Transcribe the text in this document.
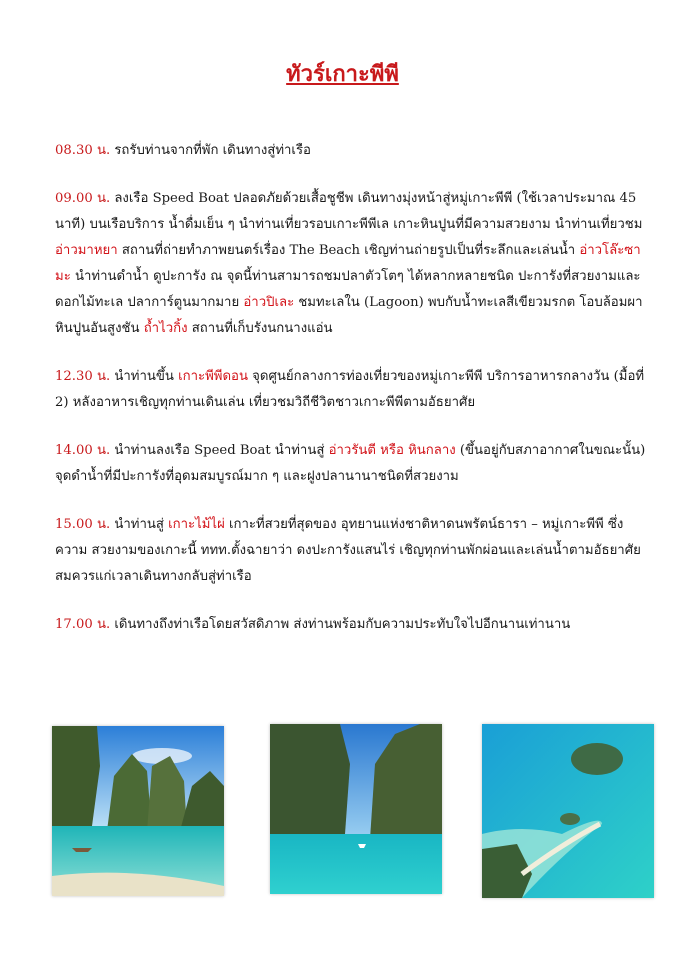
ทัวร์เกาะพีพี

08.30 น. รถรับท่านจากที่พัก เดินทางสู่ท่าเรือ

09.00 น. ลงเรือ Speed Boat ปลอดภัยด้วยเสื้อชูชีพ เดินทางมุ่งหน้าสู่หมู่เกาะพีพี (ใช้เวลาประมาณ 45 นาที) บนเรือบริการ น้ำดื่มเย็น ๆ นำท่านเที่ยวรอบเกาะพีพีเล เกาะหินปูนที่มีความสวยงาม นำท่านเที่ยวชม อ่าวมาหยา สถานที่ถ่ายทำภาพยนตร์เรื่อง The Beach เชิญท่านถ่ายรูปเป็นที่ระลึกและเล่นน้ำ อ่าวโล๊ะซามะ นำท่านดำน้ำ ดูปะการัง ณ จุดนี้ท่านสามารถชมปลาตัวโตๆ ได้หลากหลายชนิด ปะการังที่สวยงามและดอกไม้ทะเล ปลาการ์ตูนมากมาย อ่าวปิเละ ชมทะเลใน (Lagoon) พบกับน้ำทะเลสีเขียวมรกต โอบล้อมผาหินปูนอันสูงชัน ถ้ำไวกิ้ง สถานที่เก็บรังนกนางแอ่น

12.30 น. นำท่านขึ้น เกาะพีพีดอน จุดศูนย์กลางการท่องเที่ยวของหมู่เกาะพีพี บริการอาหารกลางวัน (มื้อที่ 2) หลังอาหารเชิญทุกท่านเดินเล่น เที่ยวชมวิถีชีวิตชาวเกาะพีพีตามอัธยาศัย

14.00 น. นำท่านลงเรือ Speed Boat นำท่านสู่ อ่าวรันตี หรือ หินกลาง (ขึ้นอยู่กับสภาอากาศในขณะนั้น) จุดดำน้ำที่มีปะการังที่อุดมสมบูรณ์มาก ๆ และฝูงปลานานาชนิดที่สวยงาม

15.00 น. นำท่านสู่ เกาะไม้ไผ่ เกาะที่สวยที่สุดของ อุทยานแห่งชาติหาดนพรัตน์ธารา – หมู่เกาะพีพี ซึ่งความ สวยงามของเกาะนี้ ททท.ตั้งฉายาว่า ดงปะการังแสนไร่ เชิญทุกท่านพักผ่อนและเล่นน้ำตามอัธยาศัย สมควรแก่เวลาเดินทางกลับสู่ท่าเรือ

17.00 น. เดินทางถึงท่าเรือโดยสวัสดิภาพ ส่งท่านพร้อมกับความประทับใจไปอีกนานเท่านาน
